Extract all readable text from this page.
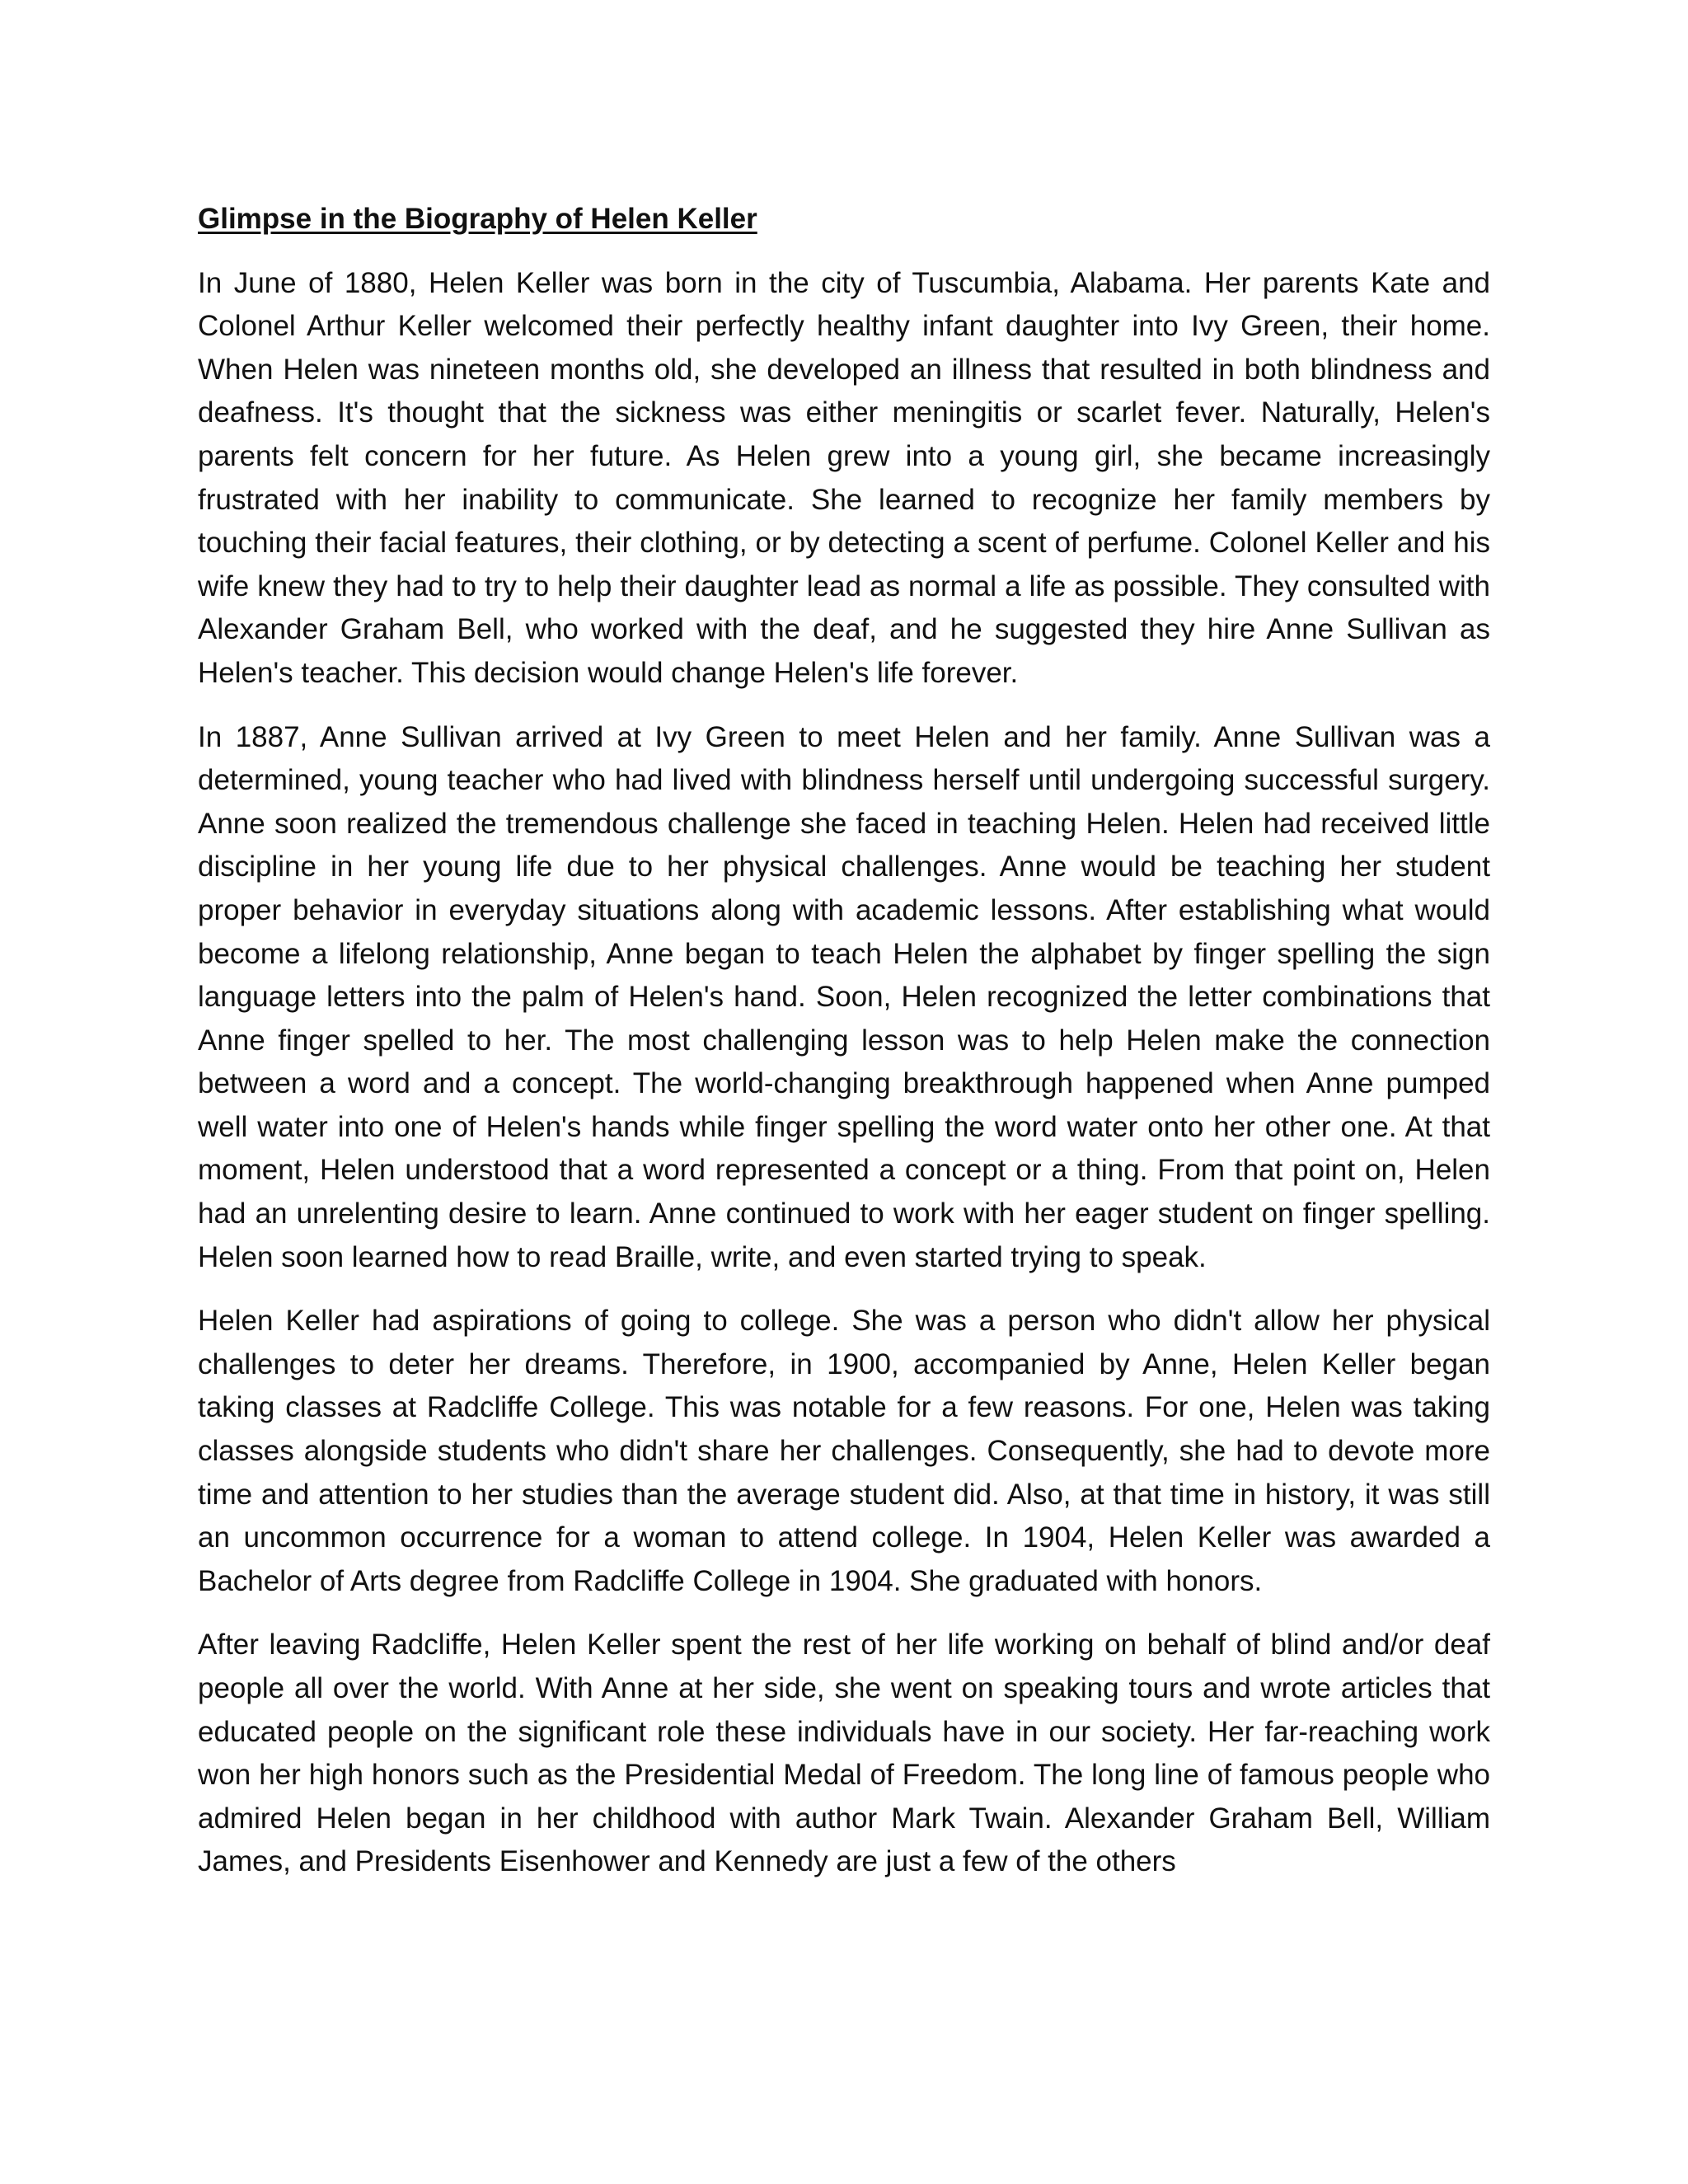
Glimpse in the Biography of Helen Keller

In June of 1880, Helen Keller was born in the city of Tuscumbia, Alabama. Her parents Kate and Colonel Arthur Keller welcomed their perfectly healthy infant daughter into Ivy Green, their home. When Helen was nineteen months old, she developed an illness that resulted in both blindness and deafness. It's thought that the sickness was either meningitis or scarlet fever. Naturally, Helen's parents felt concern for her future. As Helen grew into a young girl, she became increasingly frustrated with her inability to communicate. She learned to recognize her family members by touching their facial features, their clothing, or by detecting a scent of perfume. Colonel Keller and his wife knew they had to try to help their daughter lead as normal a life as possible. They consulted with Alexander Graham Bell, who worked with the deaf, and he suggested they hire Anne Sullivan as Helen's teacher. This decision would change Helen's life forever.

In 1887, Anne Sullivan arrived at Ivy Green to meet Helen and her family. Anne Sullivan was a determined, young teacher who had lived with blindness herself until undergoing successful surgery. Anne soon realized the tremendous challenge she faced in teaching Helen. Helen had received little discipline in her young life due to her physical challenges. Anne would be teaching her student proper behavior in everyday situations along with academic lessons. After establishing what would become a lifelong relationship, Anne began to teach Helen the alphabet by finger spelling the sign language letters into the palm of Helen's hand. Soon, Helen recognized the letter combinations that Anne finger spelled to her. The most challenging lesson was to help Helen make the connection between a word and a concept. The world-changing breakthrough happened when Anne pumped well water into one of Helen's hands while finger spelling the word water onto her other one. At that moment, Helen understood that a word represented a concept or a thing. From that point on, Helen had an unrelenting desire to learn. Anne continued to work with her eager student on finger spelling. Helen soon learned how to read Braille, write, and even started trying to speak.

Helen Keller had aspirations of going to college. She was a person who didn't allow her physical challenges to deter her dreams. Therefore, in 1900, accompanied by Anne, Helen Keller began taking classes at Radcliffe College. This was notable for a few reasons. For one, Helen was taking classes alongside students who didn't share her challenges. Consequently, she had to devote more time and attention to her studies than the average student did. Also, at that time in history, it was still an uncommon occurrence for a woman to attend college. In 1904, Helen Keller was awarded a Bachelor of Arts degree from Radcliffe College in 1904. She graduated with honors.

After leaving Radcliffe, Helen Keller spent the rest of her life working on behalf of blind and/or deaf people all over the world. With Anne at her side, she went on speaking tours and wrote articles that educated people on the significant role these individuals have in our society. Her far-reaching work won her high honors such as the Presidential Medal of Freedom. The long line of famous people who admired Helen began in her childhood with author Mark Twain. Alexander Graham Bell, William James, and Presidents Eisenhower and Kennedy are just a few of the others
